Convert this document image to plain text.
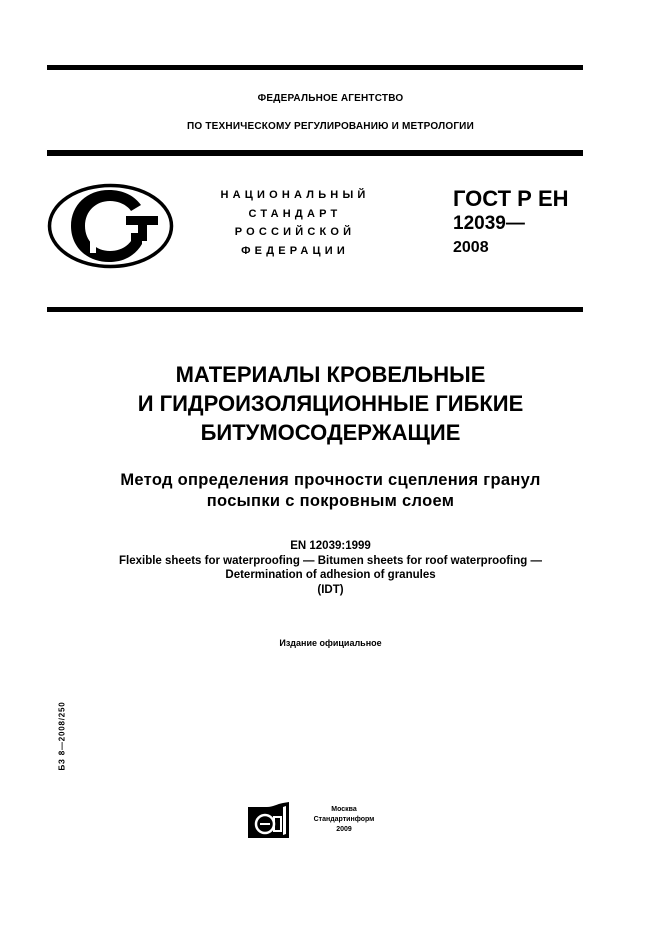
ФЕДЕРАЛЬНОЕ АГЕНТСТВО
ПО ТЕХНИЧЕСКОМУ РЕГУЛИРОВАНИЮ И МЕТРОЛОГИИ
НАЦИОНАЛЬНЫЙ
СТАНДАРТ
РОССИЙСКОЙ
ФЕДЕРАЦИИ
ГОСТ Р ЕН
12039—
2008
МАТЕРИАЛЫ КРОВЕЛЬНЫЕ
И ГИДРОИЗОЛЯЦИОННЫЕ ГИБКИЕ
БИТУМОСОДЕРЖАЩИЕ
Метод определения прочности сцепления гранул
посыпки с покровным слоем
EN 12039:1999
Flexible sheets for waterproofing — Bitumen sheets for roof waterproofing —
Determination of adhesion of granules
(IDT)
Издание официальное
БЗ 8—2008/250
Москва
Стандартинформ
2009
